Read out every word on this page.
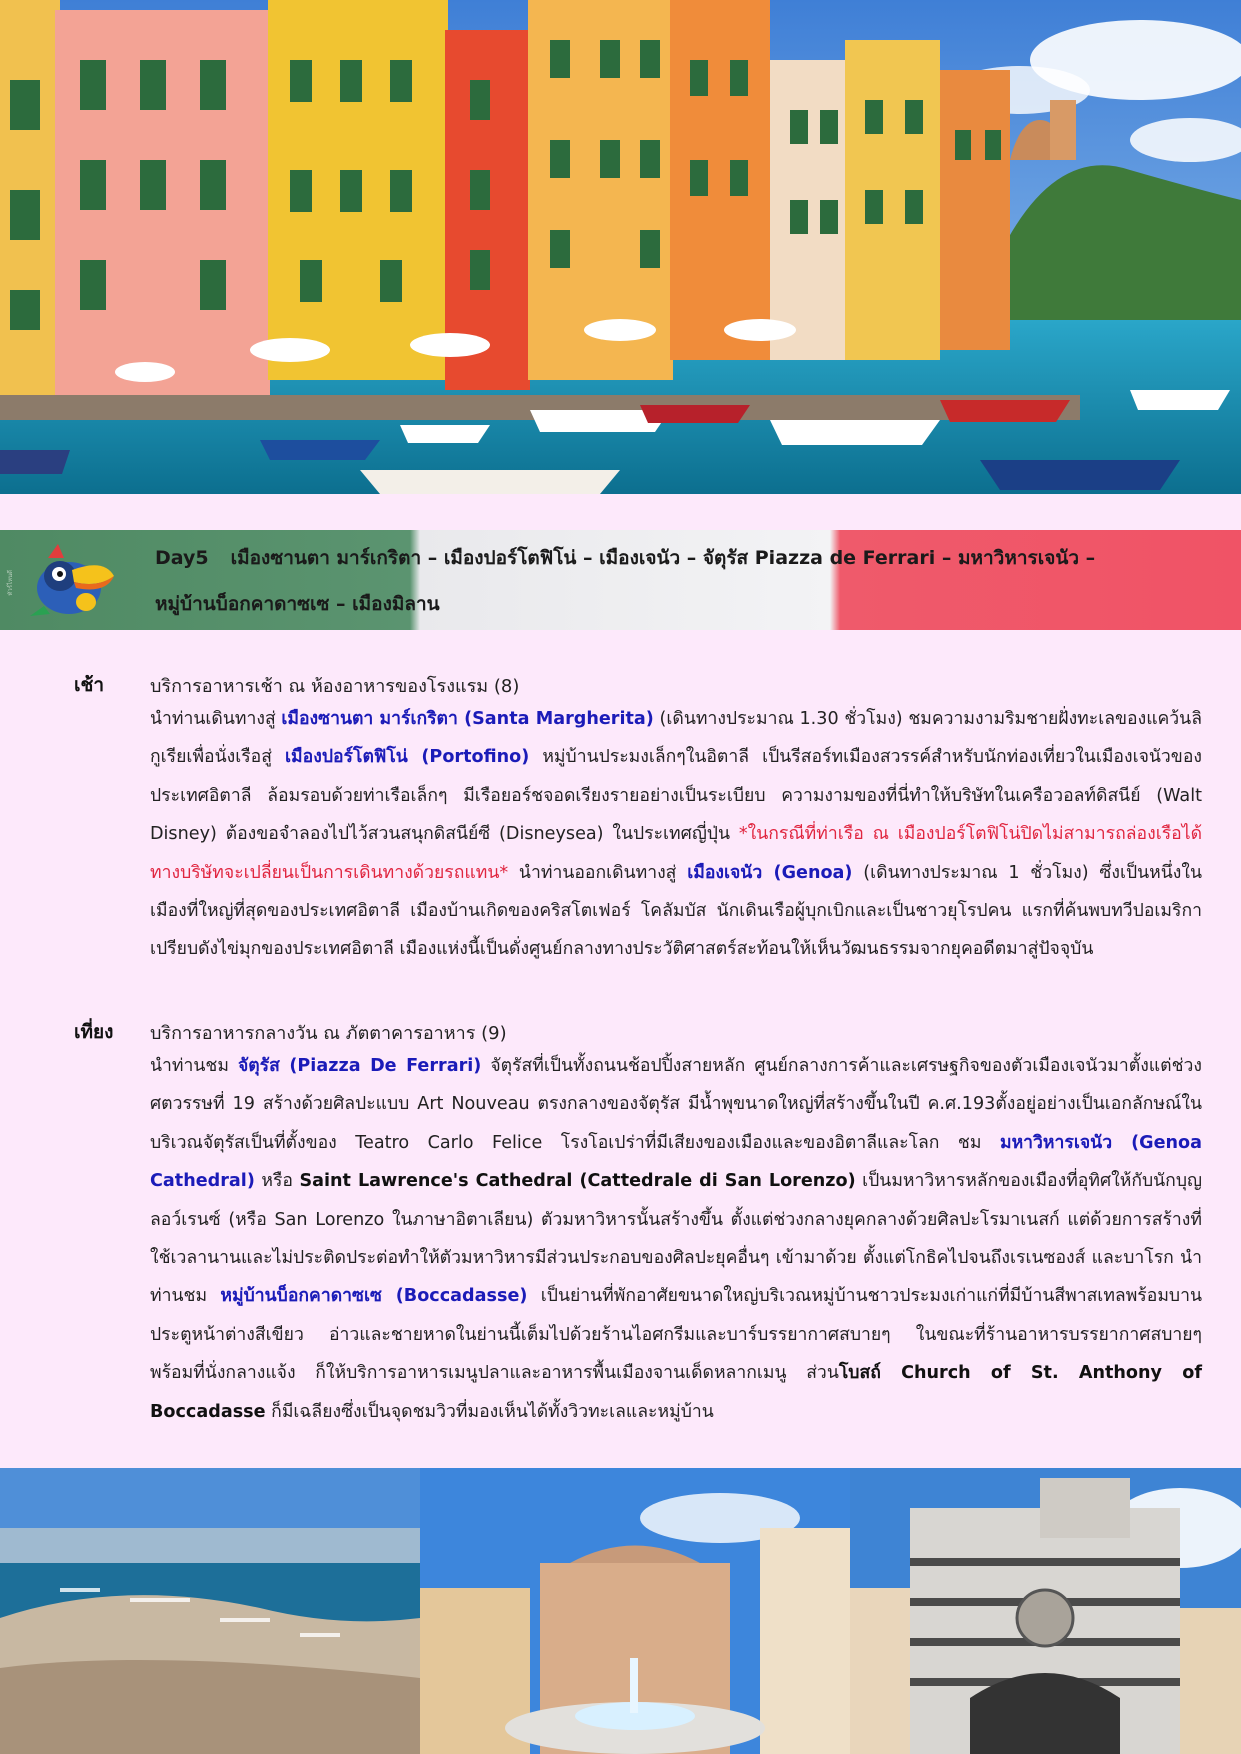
ทัวร์ไหนดี
Day5 เมืองซานตา มาร์เกริตา – เมืองปอร์โตฟิโน่ – เมืองเจนัว – จัตุรัส Piazza de Ferrari – มหาวิหารเจนัว –
หมู่บ้านบ็อกคาดาซเซ – เมืองมิลาน
เช้า	บริการอาหารเช้า ณ ห้องอาหารของโรงแรม (8)

นำท่านเดินทางสู่ เมืองซานตา มาร์เกริตา (Santa Margherita) (เดินทางประมาณ 1.30 ชั่วโมง) ชมความงามริมชายฝั่งทะเลของแคว้นลิกูเรียเพื่อนั่งเรือสู่ เมืองปอร์โตฟิโน่ (Portofino) หมู่บ้านประมงเล็กๆในอิตาลี เป็นรีสอร์ทเมืองสวรรค์สำหรับนักท่องเที่ยวในเมืองเจนัวของประเทศอิตาลี ล้อมรอบด้วยท่าเรือเล็กๆ มีเรือยอร์ชจอดเรียงรายอย่างเป็นระเบียบ ความงามของที่นี่ทำให้บริษัทในเครือวอลท์ดิสนีย์ (Walt Disney) ต้องขอจำลองไปไว้สวนสนุกดิสนีย์ซี (Disneysea) ในประเทศญี่ปุ่น *ในกรณีที่ท่าเรือ ณ เมืองปอร์โตฟิโน่ปิดไม่สามารถล่องเรือได้ ทางบริษัทจะเปลี่ยนเป็นการเดินทางด้วยรถแทน* นำท่านออกเดินทางสู่ เมืองเจนัว (Genoa) (เดินทางประมาณ 1 ชั่วโมง) ซึ่งเป็นหนึ่งในเมืองที่ใหญ่ที่สุดของประเทศอิตาลี เมืองบ้านเกิดของคริสโตเฟอร์ โคลัมบัส นักเดินเรือผู้บุกเบิกและเป็นชาวยุโรปคน แรกที่ค้นพบทวีปอเมริกา เปรียบดังไข่มุกของประเทศอิตาลี เมืองแห่งนี้เป็นดั่งศูนย์กลางทางประวัติศาสตร์สะท้อนให้เห็นวัฒนธรรมจากยุคอดีตมาสู่ปัจจุบัน

เที่ยง บริการอาหารกลางวัน ณ ภัตตาคารอาหาร (9)

นำท่านชม จัตุรัส (Piazza De Ferrari) จัตุรัสที่เป็นทั้งถนนช้อปปิ้งสายหลัก ศูนย์กลางการค้าและเศรษฐกิจของตัวเมืองเจนัวมาตั้งแต่ช่วงศตวรรษที่ 19 สร้างด้วยศิลปะแบบ Art Nouveau ตรงกลางของจัตุรัส มีน้ำพุขนาดใหญ่ที่สร้างขึ้นในปี ค.ศ.193ตั้งอยู่อย่างเป็นเอกลักษณ์ในบริเวณจัตุรัสเป็นที่ตั้งของ Teatro Carlo Felice โรงโอเปร่าที่มีเสียงของเมืองและของอิตาลีและโลก ชม มหาวิหารเจนัว (Genoa Cathedral) หรือ Saint Lawrence's Cathedral (Cattedrale di San Lorenzo) เป็นมหาวิหารหลักของเมืองที่อุทิศให้กับนักบุญลอว์เรนซ์ (หรือ San Lorenzo ในภาษาอิตาเลียน) ตัวมหาวิหารนั้นสร้างขึ้น ตั้งแต่ช่วงกลางยุคกลางด้วยศิลปะโรมาเนสก์ แต่ด้วยการสร้างที่ใช้เวลานานและไม่ประติดประต่อทำให้ตัวมหาวิหารมีส่วนประกอบของศิลปะยุคอื่นๆ เข้ามาด้วย ตั้งแต่โกธิคไปจนถึงเรเนซองส์ และบาโรก นำท่านชม หมู่บ้านบ็อกคาดาซเซ (Boccadasse) เป็นย่านที่พักอาศัยขนาดใหญ่บริเวณหมู่บ้านชาวประมงเก่าแก่ที่มีบ้านสีพาสเทลพร้อมบานประตูหน้าต่างสีเขียว อ่าวและชายหาดในย่านนี้เต็มไปด้วยร้านไอศกรีมและบาร์บรรยากาศสบายๆ ในขณะที่ร้านอาหารบรรยากาศสบายๆ พร้อมที่นั่งกลางแจ้ง ก็ให้บริการอาหารเมนูปลาและอาหารพื้นเมืองจานเด็ดหลากเมนู ส่วนโบสถ์ Church of St. Anthony of Boccadasse ก็มีเฉลียงซึ่งเป็นจุดชมวิวที่มองเห็นได้ทั้งวิวทะเลและหมู่บ้าน
